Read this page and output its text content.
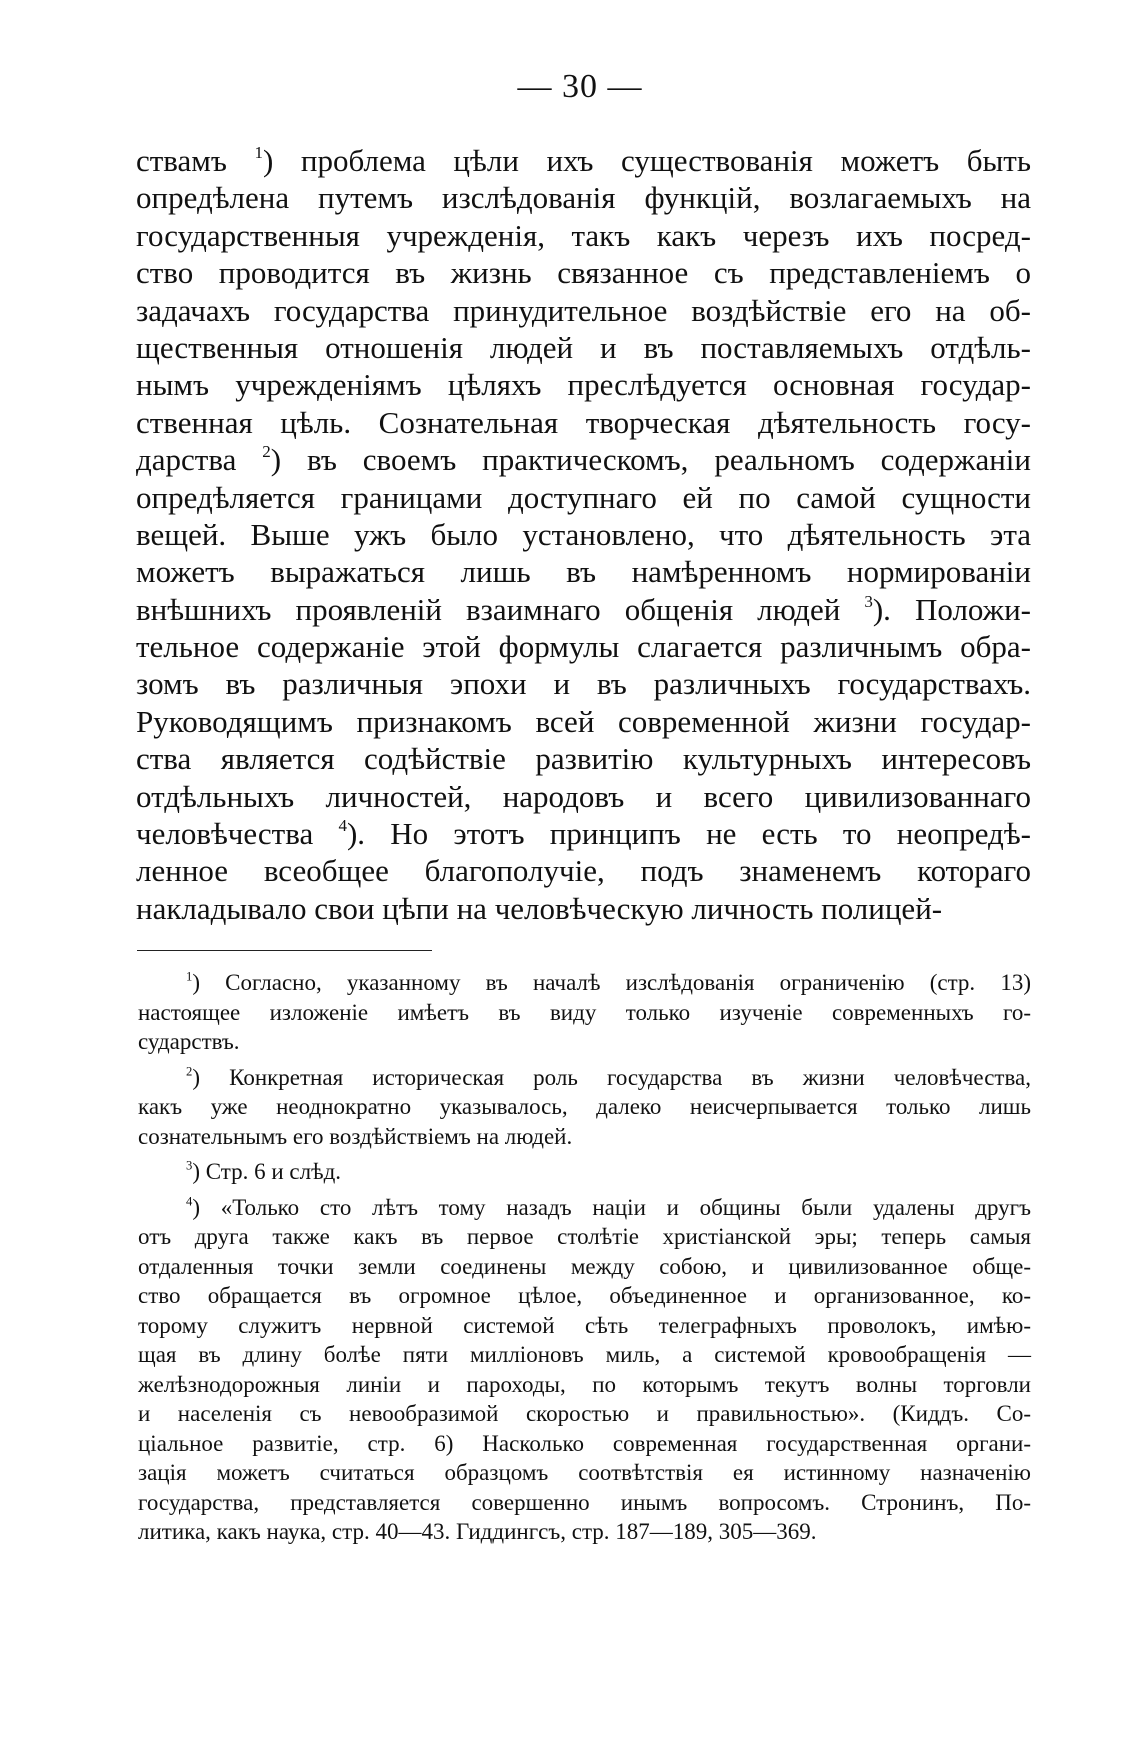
— 30 —
ствамъ $^1$) проблема цѣли ихъ существованія можетъ быть
опредѣлена путемъ изслѣдованія функцій, возлагаемыхъ на
государственныя учрежденія, такъ какъ черезъ ихъ посред-
ство проводится въ жизнь связанное съ представленіемъ о
задачахъ государства принудительное воздѣйствіе его на об-
щественныя отношенія людей и въ поставляемыхъ отдѣль-
нымъ учрежденіямъ цѣляхъ преслѣдуется основная государ-
ственная цѣль. Сознательная творческая дѣятельность госу-
дарства $^2$) въ своемъ практическомъ, реальномъ содержаніи
опредѣляется границами доступнаго ей по самой сущности
вещей. Выше ужъ было установлено, что дѣятельность эта
можетъ выражаться лишь въ намѣренномъ нормированіи
внѣшнихъ проявленій взаимнаго общенія людей $^3$). Положи-
тельное содержаніе этой формулы слагается различнымъ обра-
зомъ въ различныя эпохи и въ различныхъ государствахъ.
Руководящимъ признакомъ всей современной жизни государ-
ства является содѣйствіе развитію культурныхъ интересовъ
отдѣльныхъ личностей, народовъ и всего цивилизованнаго
человѣчества $^4$). Но этотъ принципъ не есть то неопредѣ-
ленное всеобщее благополучіе, подъ знаменемъ котораго
накладывало свои цѣпи на человѣческую личность полицей-
$^1$) Согласно, указанному въ началѣ изслѣдованія ограниченію (стр. 13)
настоящее изложеніе имѣетъ въ виду только изученіе современныхъ го-
сударствъ.
$^2$) Конкретная историческая роль государства въ жизни человѣчества,
какъ уже неоднократно указывалось, далеко неисчерпывается только лишь
сознательнымъ его воздѣйствіемъ на людей.
$^3$) Стр. 6 и слѣд.
$^4$) «Только сто лѣтъ тому назадъ націи и общины были удалены другъ
отъ друга также какъ въ первое столѣтіе христіанской эры; теперь самыя
отдаленныя точки земли соединены между собою, и цивилизованное обще-
ство обращается въ огромное цѣлое, объединенное и организованное, ко-
торому служитъ нервной системой сѣть телеграфныхъ проволокъ, имѣю-
щая въ длину болѣе пяти милліоновъ миль, а системой кровообращенія —
желѣзнодорожныя линіи и пароходы, по которымъ текутъ волны торговли
и населенія съ невообразимой скоростью и правильностью». (Киддъ. Со-
ціальное развитіе, стр. 6) Насколько современная государственная органи-
зація можетъ считаться образцомъ соотвѣтствія ея истинному назначенію
государства, представляется совершенно инымъ вопросомъ. Стронинъ, По-
литика, какъ наука, стр. 40—43. Гиддингсъ, стр. 187—189, 305—369.
